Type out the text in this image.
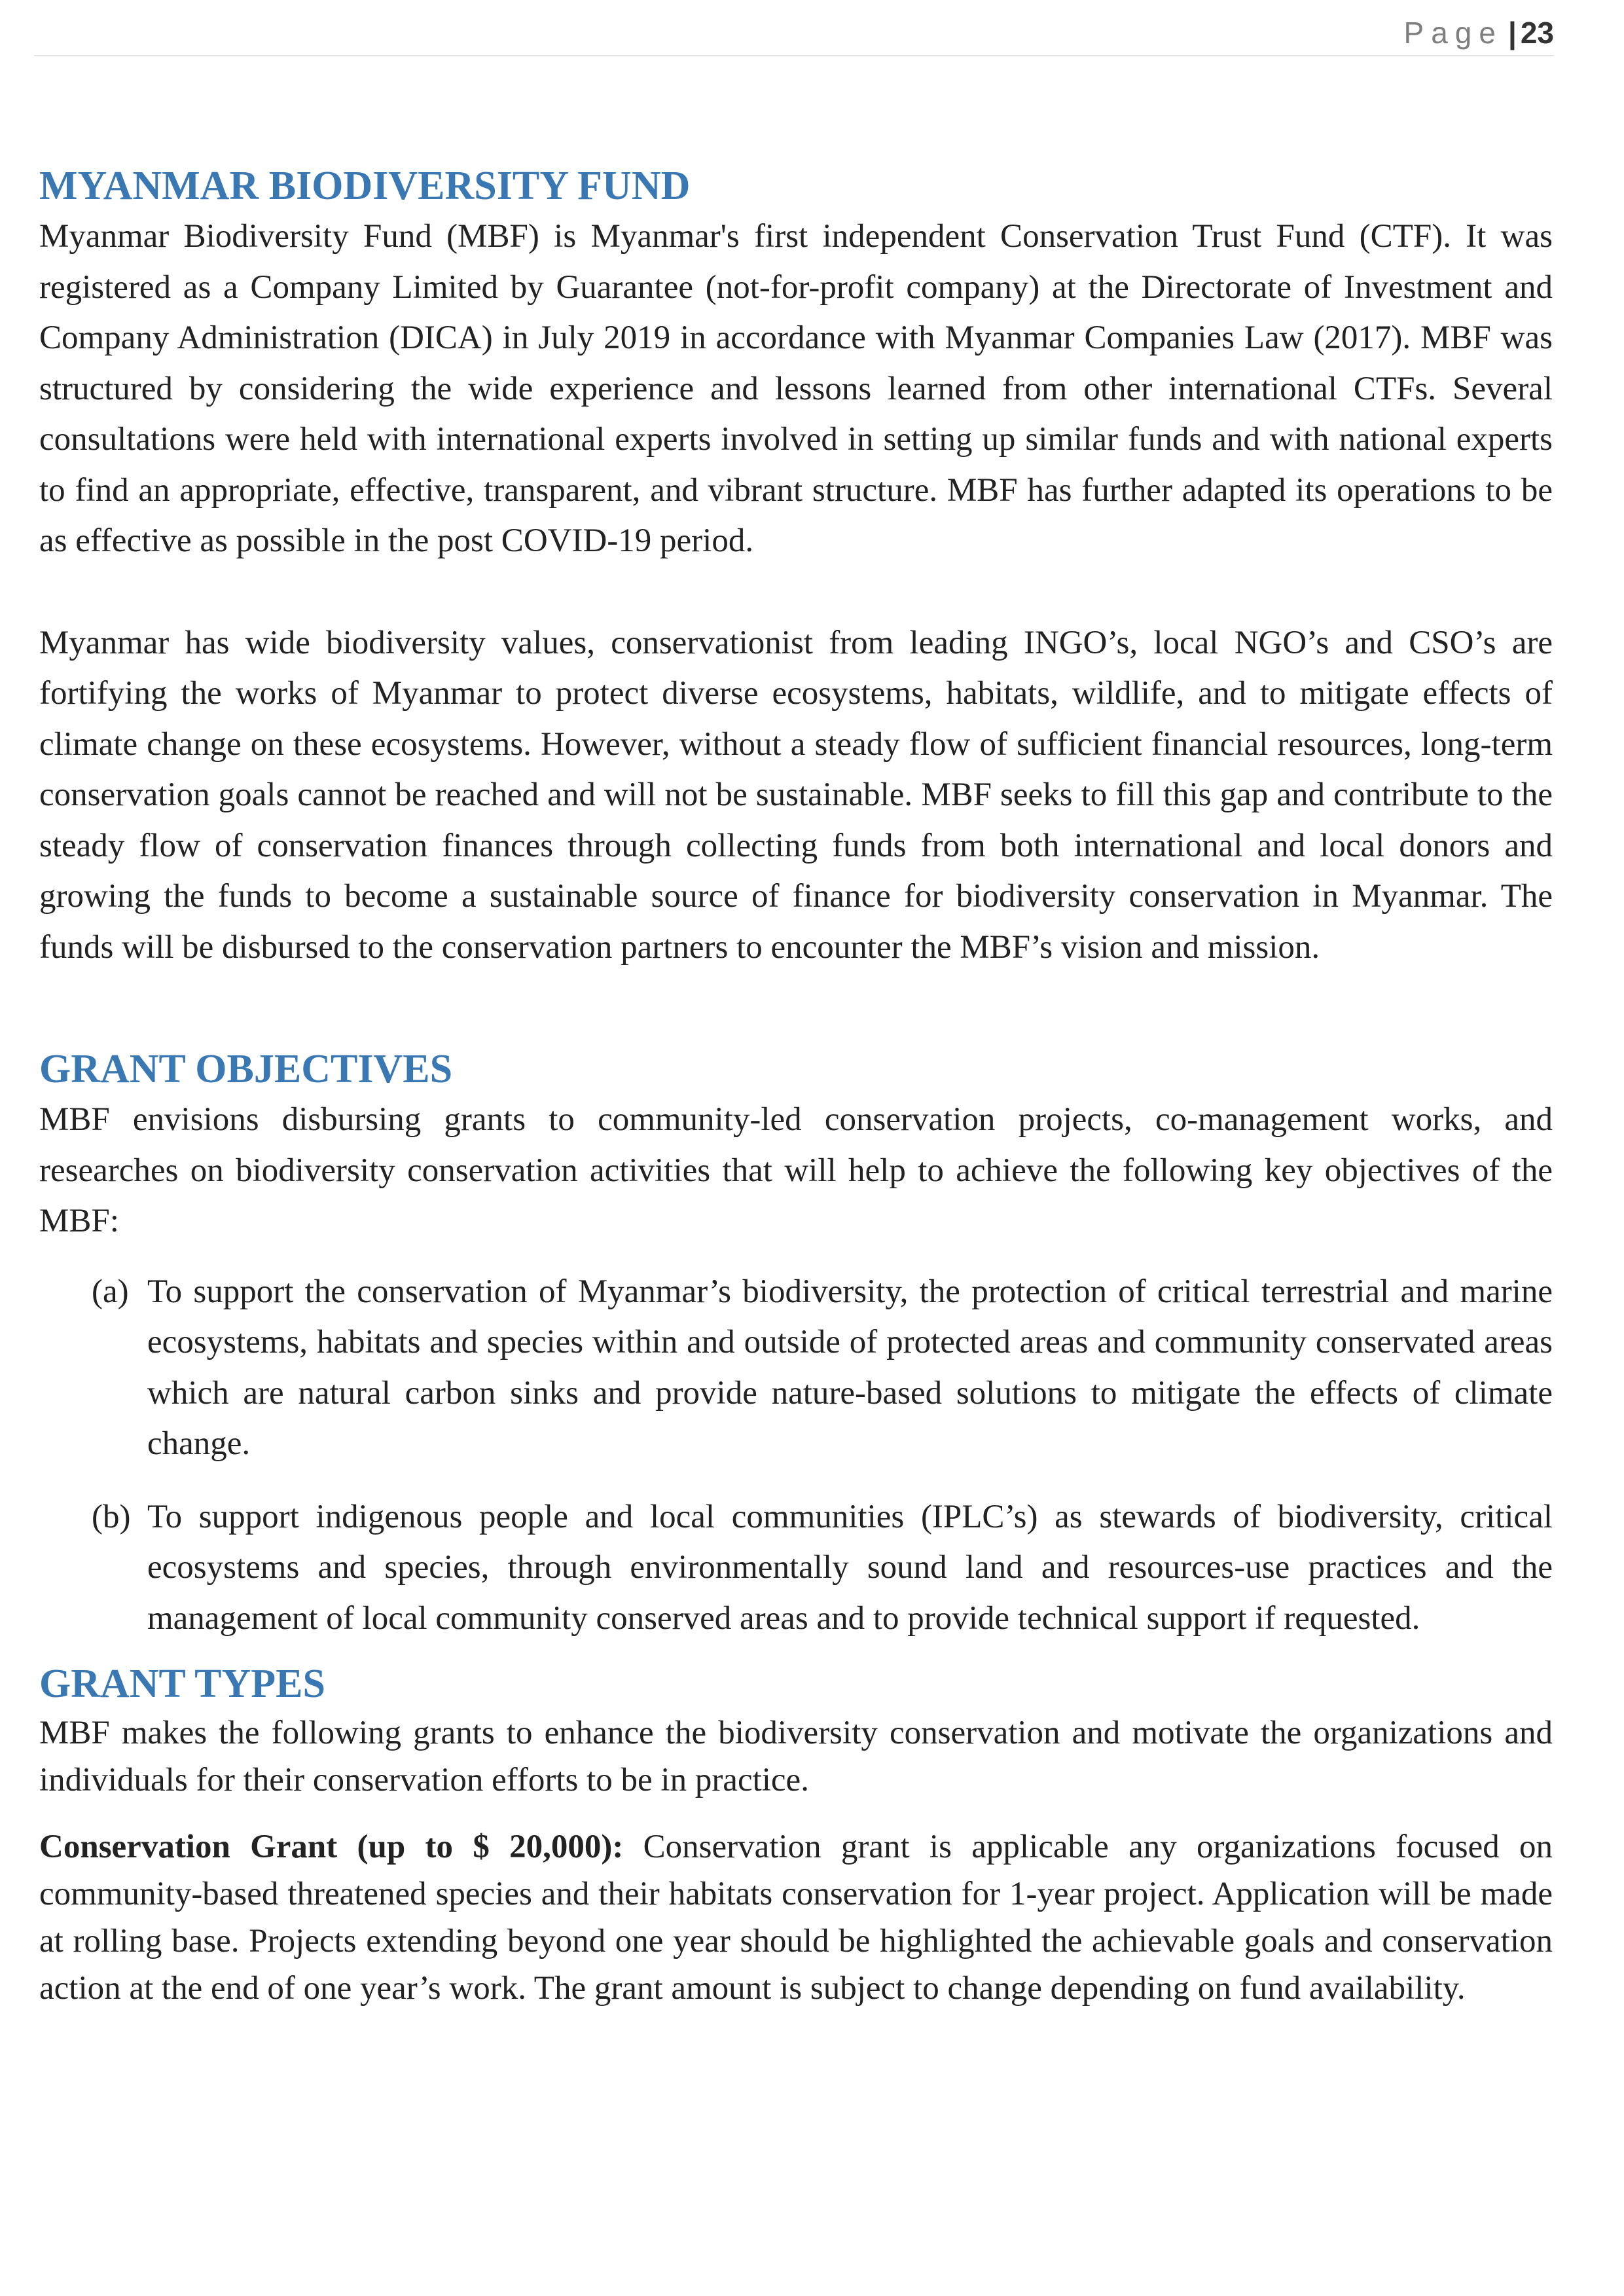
Page | 23
MYANMAR BIODIVERSITY FUND

Myanmar Biodiversity Fund (MBF) is Myanmar's first independent Conservation Trust Fund (CTF). It was registered as a Company Limited by Guarantee (not-for-profit company) at the Directorate of Investment and Company Administration (DICA) in July 2019 in accordance with Myanmar Companies Law (2017). MBF was structured by considering the wide experience and lessons learned from other international CTFs. Several consultations were held with international experts involved in setting up similar funds and with national experts to find an appropriate, effective, transparent, and vibrant structure. MBF has further adapted its operations to be as effective as possible in the post COVID-19 period.

Myanmar has wide biodiversity values, conservationist from leading INGO’s, local NGO’s and CSO’s are fortifying the works of Myanmar to protect diverse ecosystems, habitats, wildlife, and to mitigate effects of climate change on these ecosystems. However, without a steady flow of sufficient financial resources, long-term conservation goals cannot be reached and will not be sustainable. MBF seeks to fill this gap and contribute to the steady flow of conservation finances through collecting funds from both international and local donors and growing the funds to become a sustainable source of finance for biodiversity conservation in Myanmar. The funds will be disbursed to the conservation partners to encounter the MBF’s vision and mission.

GRANT OBJECTIVES

MBF envisions disbursing grants to community-led conservation projects, co-management works, and researches on biodiversity conservation activities that will help to achieve the following key objectives of the MBF:

(a) To support the conservation of Myanmar’s biodiversity, the protection of critical terrestrial and marine ecosystems, habitats and species within and outside of protected areas and community conservated areas which are natural carbon sinks and provide nature-based solutions to mitigate the effects of climate change.
(b) To support indigenous people and local communities (IPLC’s) as stewards of biodiversity, critical ecosystems and species, through environmentally sound land and resources-use practices and the management of local community conserved areas and to provide technical support if requested.
GRANT TYPES

MBF makes the following grants to enhance the biodiversity conservation and motivate the organizations and individuals for their conservation efforts to be in practice.

Conservation Grant (up to $ 20,000): Conservation grant is applicable any organizations focused on community-based threatened species and their habitats conservation for 1-year project. Application will be made at rolling base. Projects extending beyond one year should be highlighted the achievable goals and conservation action at the end of one year’s work. The grant amount is subject to change depending on fund availability.
